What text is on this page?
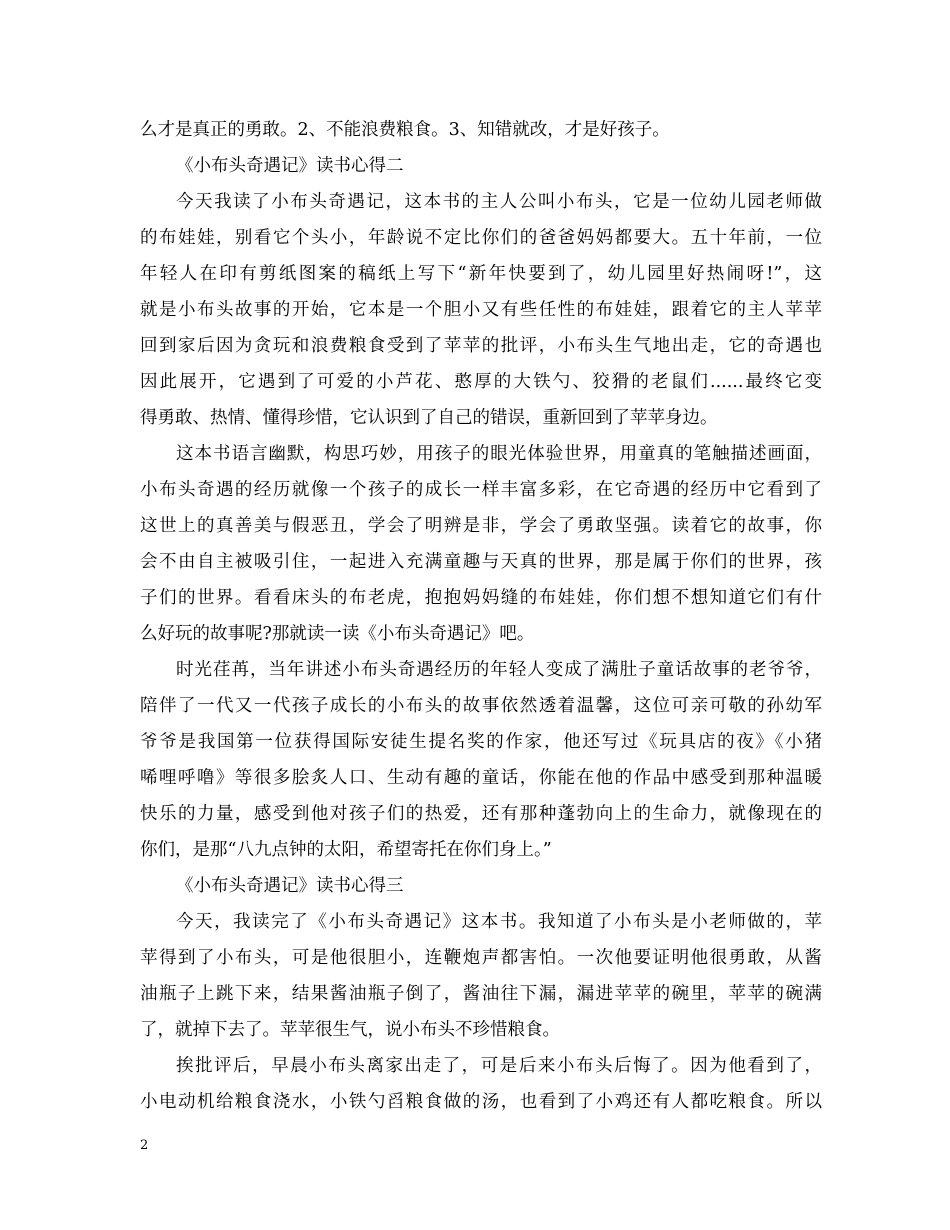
么才是真正的勇敢。2、不能浪费粮食。3、知错就改，才是好孩子。
《小布头奇遇记》读书心得二
今天我读了小布头奇遇记，这本书的主人公叫小布头，它是一位幼儿园老师做
的布娃娃，别看它个头小，年龄说不定比你们的爸爸妈妈都要大。五十年前，一位
年轻人在印有剪纸图案的稿纸上写下“新年快要到了，幼儿园里好热闹呀!”，这
就是小布头故事的开始，它本是一个胆小又有些任性的布娃娃，跟着它的主人苹苹
回到家后因为贪玩和浪费粮食受到了苹苹的批评，小布头生气地出走，它的奇遇也
因此展开，它遇到了可爱的小芦花、憨厚的大铁勺、狡猾的老鼠们......最终它变
得勇敢、热情、懂得珍惜，它认识到了自己的错误，重新回到了苹苹身边。
这本书语言幽默，构思巧妙，用孩子的眼光体验世界，用童真的笔触描述画面，
小布头奇遇的经历就像一个孩子的成长一样丰富多彩，在它奇遇的经历中它看到了
这世上的真善美与假恶丑，学会了明辨是非，学会了勇敢坚强。读着它的故事，你
会不由自主被吸引住，一起进入充满童趣与天真的世界，那是属于你们的世界，孩
子们的世界。看看床头的布老虎，抱抱妈妈缝的布娃娃，你们想不想知道它们有什
么好玩的故事呢?那就读一读《小布头奇遇记》吧。
时光荏苒，当年讲述小布头奇遇经历的年轻人变成了满肚子童话故事的老爷爷，
陪伴了一代又一代孩子成长的小布头的故事依然透着温馨，这位可亲可敬的孙幼军
爷爷是我国第一位获得国际安徒生提名奖的作家，他还写过《玩具店的夜》《小猪
唏哩呼噜》等很多脍炙人口、生动有趣的童话，你能在他的作品中感受到那种温暖
快乐的力量，感受到他对孩子们的热爱，还有那种蓬勃向上的生命力，就像现在的
你们，是那“八九点钟的太阳，希望寄托在你们身上。”
《小布头奇遇记》读书心得三
今天，我读完了《小布头奇遇记》这本书。我知道了小布头是小老师做的，苹
苹得到了小布头，可是他很胆小，连鞭炮声都害怕。一次他要证明他很勇敢，从酱
油瓶子上跳下来，结果酱油瓶子倒了，酱油往下漏，漏进苹苹的碗里，苹苹的碗满
了，就掉下去了。苹苹很生气，说小布头不珍惜粮食。
挨批评后，早晨小布头离家出走了，可是后来小布头后悔了。因为他看到了，
小电动机给粮食浇水，小铁勺舀粮食做的汤，也看到了小鸡还有人都吃粮食。所以
2
